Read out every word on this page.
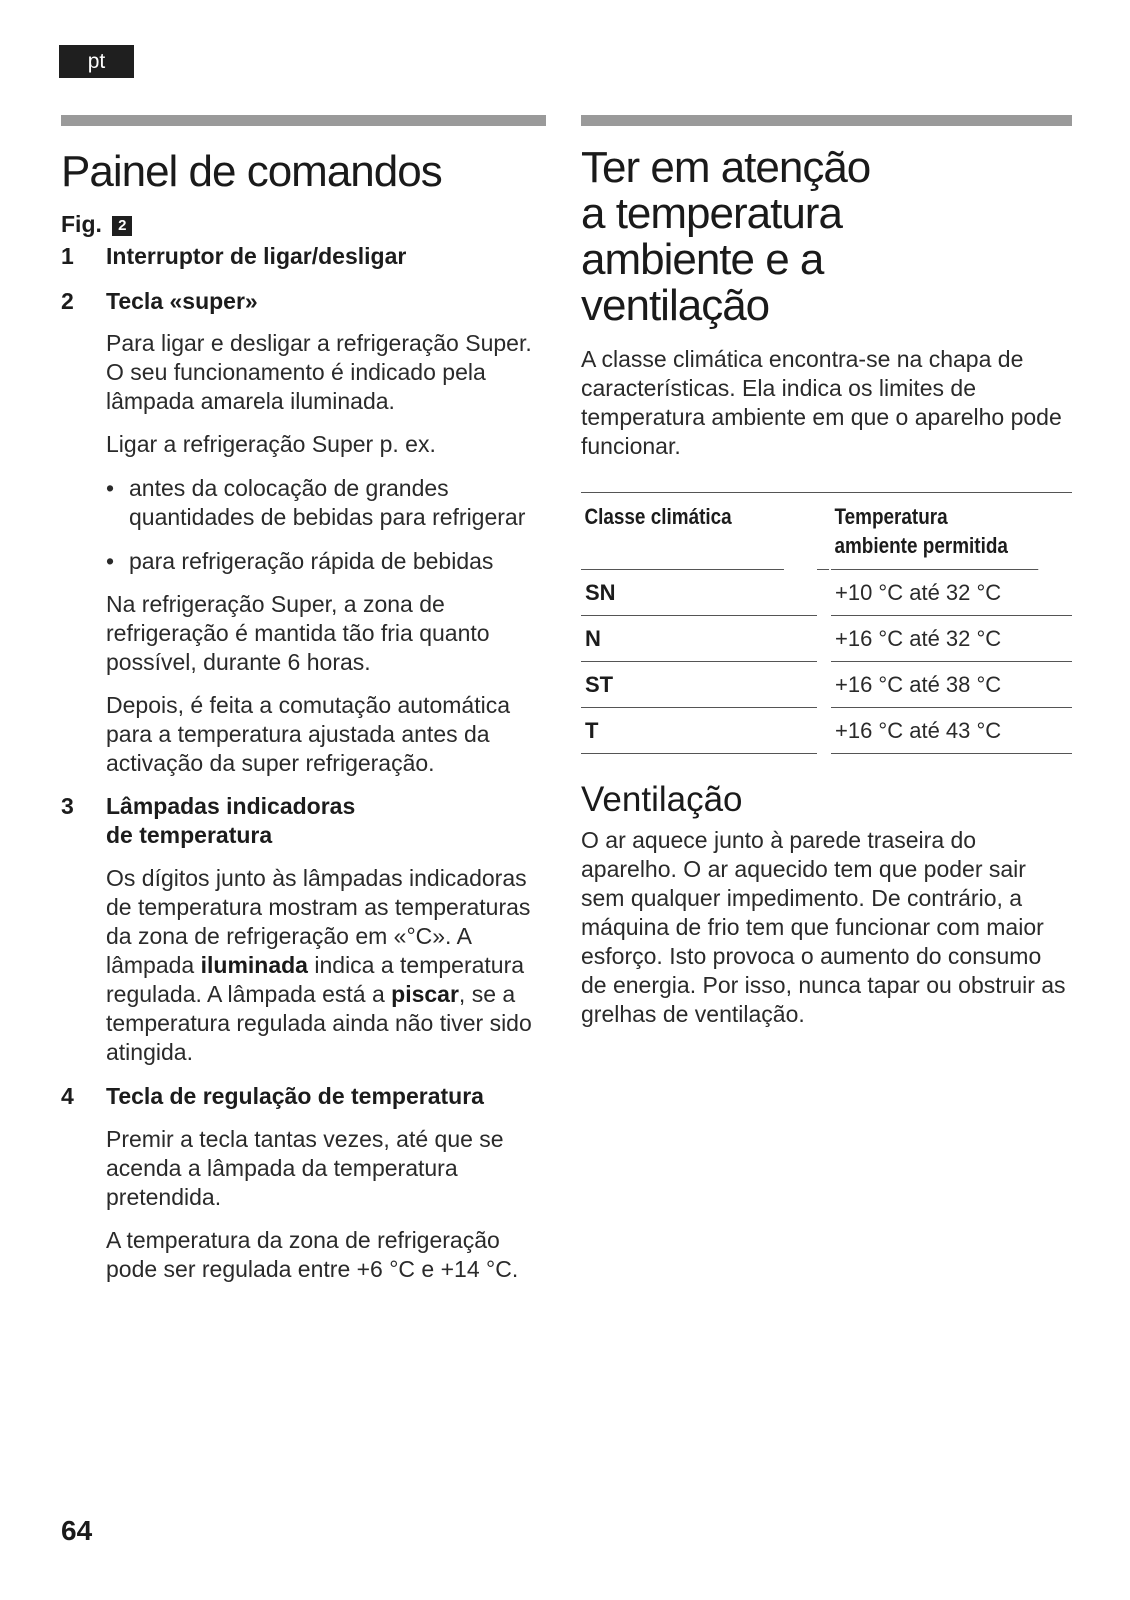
pt
Painel de comandos
Fig. 2
1 Interruptor de ligar/desligar
2 Tecla «super»

Para ligar e desligar a refrigeração Super. O seu funcionamento é indicado pela lâmpada amarela iluminada.

Ligar a refrigeração Super p. ex.

• antes da colocação de grandes quantidades de bebidas para refrigerar
• para refrigeração rápida de bebidas

Na refrigeração Super, a zona de refrigeração é mantida tão fria quanto possível, durante 6 horas.

Depois, é feita a comutação automática para a temperatura ajustada antes da activação da super refrigeração.

3 Lâmpadas indicadoras
de temperatura

Os dígitos junto às lâmpadas indicadoras de temperatura mostram as temperaturas da zona de refrigeração em «°C». A lâmpada iluminada indica a temperatura regulada. A lâmpada está a piscar, se a temperatura regulada ainda não tiver sido atingida.

4 Tecla de regulação de temperatura

Premir a tecla tantas vezes, até que se acenda a lâmpada da temperatura pretendida.

A temperatura da zona de refrigeração pode ser regulada entre +6 °C e +14 °C.

Ter em atenção
a temperatura
ambiente e a
ventilação

A classe climática encontra-se na chapa de características. Ela indica os limites de temperatura ambiente em que o aparelho pode funcionar.

Classe climática		Temperatura
ambiente permitida
SN		+10 °C até 32 °C
N		+16 °C até 32 °C
ST		+16 °C até 38 °C
T		+16 °C até 43 °C
Ventilação

O ar aquece junto à parede traseira do aparelho. O ar aquecido tem que poder sair sem qualquer impedimento. De contrário, a máquina de frio tem que funcionar com maior esforço. Isto provoca o aumento do consumo de energia. Por isso, nunca tapar ou obstruir as grelhas de ventilação.

64
